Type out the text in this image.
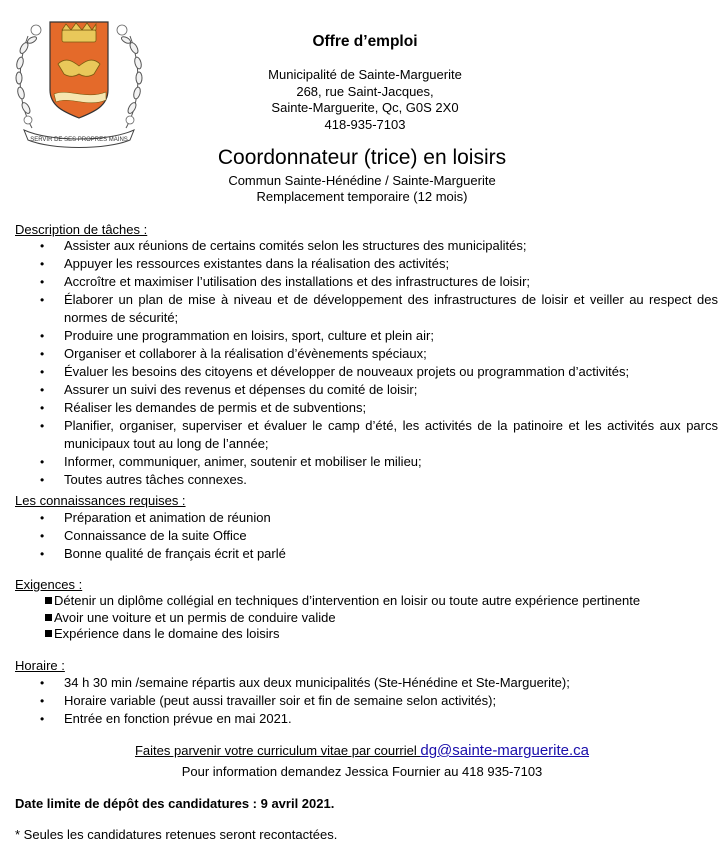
SERVIR DE SES PROPRES MAINS
Offre d’emploi
Municipalité de Sainte-Marguerite
268, rue Saint-Jacques,
Sainte-Marguerite, Qc, G0S 2X0
418-935-7103
Coordonnateur (trice) en loisirs
Commun Sainte-Hénédine / Sainte-Marguerite
Remplacement temporaire (12 mois)
Description de tâches :
• Assister aux réunions de certains comités selon les structures des municipalités;
• Appuyer les ressources existantes dans la réalisation des activités;
• Accroître et maximiser l’utilisation des installations et des infrastructures de loisir;
• Élaborer un plan de mise à niveau et de développement des infrastructures de loisir et veiller au respect des normes de sécurité;
• Produire une programmation en loisirs, sport, culture et plein air;
• Organiser et collaborer à la réalisation d’évènements spéciaux;
• Évaluer les besoins des citoyens et développer de nouveaux projets ou programmation d’activités;
• Assurer un suivi des revenus et dépenses du comité de loisir;
• Réaliser les demandes de permis et de subventions;
• Planifier, organiser, superviser et évaluer le camp d’été, les activités de la patinoire et les activités aux parcs municipaux tout au long de l’année;
• Informer, communiquer, animer, soutenir et mobiliser le milieu;
• Toutes autres tâches connexes.
Les connaissances requises :
• Préparation et animation de réunion
• Connaissance de la suite Office
• Bonne qualité de français écrit et parlé
Exigences :
Détenir un diplôme collégial en techniques d’intervention en loisir ou toute autre expérience pertinente
Avoir une voiture et un permis de conduire valide
Expérience dans le domaine des loisirs
Horaire :
• 34 h 30 min /semaine répartis aux deux municipalités (Ste-Hénédine et Ste-Marguerite);
• Horaire variable (peut aussi travailler soir et fin de semaine selon activités);
• Entrée en fonction prévue en mai 2021.
Faites parvenir votre curriculum vitae par courriel dg@sainte-marguerite.ca
Pour information demandez Jessica Fournier au 418 935-7103
Date limite de dépôt des candidatures : 9 avril 2021.
* Seules les candidatures retenues seront recontactées.
